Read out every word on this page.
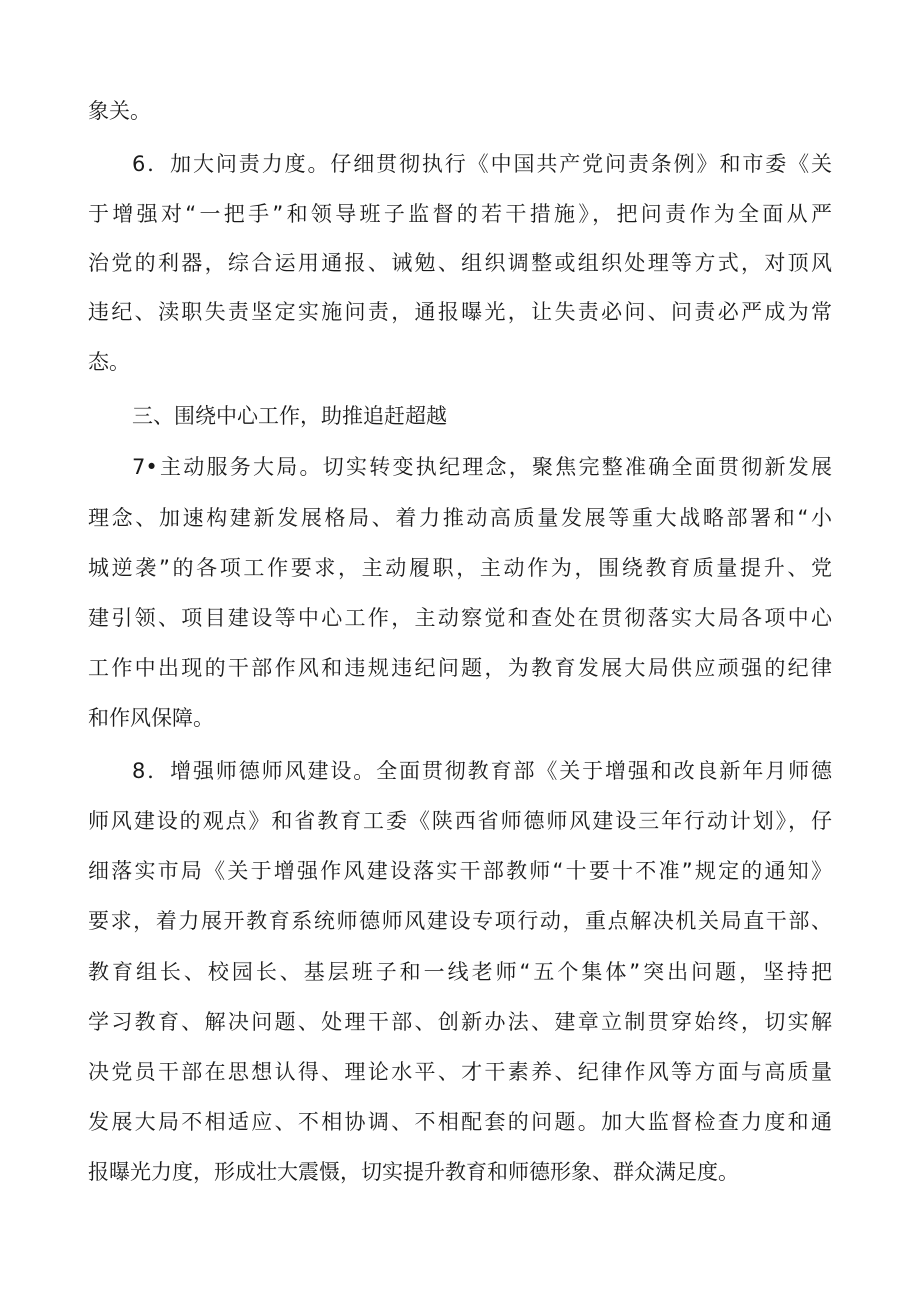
象关。

6．加大问责力度。仔细贯彻执行《中国共产党问责条例》和市委《关

于增强对“一把手”和领导班子监督的若干措施》，把问责作为全面从严

治党的利器，综合运用通报、诫勉、组织调整或组织处理等方式，对顶风

违纪、渎职失责坚定实施问责，通报曝光，让失责必问、问责必严成为常

态。

三、围绕中心工作，助推追赶超越

7•主动服务大局。切实转变执纪理念，聚焦完整准确全面贯彻新发展

理念、加速构建新发展格局、着力推动高质量发展等重大战略部署和“小

城逆袭”的各项工作要求，主动履职，主动作为，围绕教育质量提升、党

建引领、项目建设等中心工作，主动察觉和查处在贯彻落实大局各项中心

工作中出现的干部作风和违规违纪问题，为教育发展大局供应顽强的纪律

和作风保障。

8．增强师德师风建设。全面贯彻教育部《关于增强和改良新年月师德

师风建设的观点》和省教育工委《陕西省师德师风建设三年行动计划》，仔

细落实市局《关于增强作风建设落实干部教师“十要十不准”规定的通知》

要求，着力展开教育系统师德师风建设专项行动，重点解决机关局直干部、

教育组长、校园长、基层班子和一线老师“五个集体”突出问题，坚持把

学习教育、解决问题、处理干部、创新办法、建章立制贯穿始终，切实解

决党员干部在思想认得、理论水平、才干素养、纪律作风等方面与高质量

发展大局不相适应、不相协调、不相配套的问题。加大监督检查力度和通

报曝光力度，形成壮大震慑，切实提升教育和师德形象、群众满足度。
